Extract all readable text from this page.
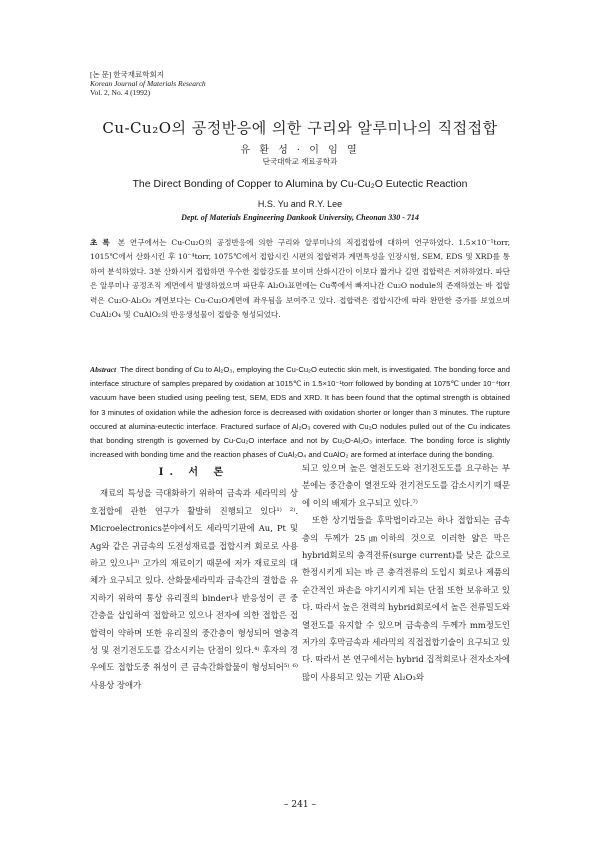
[논 문] 한국재료학회지
Korean Journal of Materials Research
Vol. 2, No. 4 (1992)
Cu-Cu₂O의 공정반응에 의한 구리와 알루미나의 직접접합
유 환 성 · 이 임 열
단국대학교 재료공학과
The Direct Bonding of Copper to Alumina by Cu-Cu₂O Eutectic Reaction
H.S. Yu and R.Y. Lee
Dept. of Materials Engineering Dankook University, Cheonan 330 - 714
초 록 본 연구에서는 Cu-Cu₂O의 공정반응에 의한 구리와 알루미나의 직접접합에 대하여 연구하였다. 1.5×10⁻¹torr, 1015℃에서 산화시킨 후 10⁻⁴torr, 1075℃에서 접합시킨 시편의 접합력과 계면특성을 인장시험, SEM, EDS 및 XRD를 통하여 분석하였다. 3분 산화시켜 접합하면 우수한 접합강도를 보이며 산화시간이 이보다 짧거나 길면 접합력은 저하하였다. 파단은 알루미나 공정조직 계면에서 발생하였으며 파단후 Al₂O₃표면에는 Cu쪽에서 빠져나간 Cu₂O nodule의 존재하였는 바 접합력은 Cu₂O-Al₂O₃ 계면보다는 Cu-Cu₂O계면에 좌우됨을 보여주고 있다. 접합력은 접합시간에 따라 완만한 증가를 보였으며 CuAl₂O₄ 및 CuAlO₂의 반응생성물이 접합층 형성되었다.
Abstract The direct bonding of Cu to Al₂O₃, employing the Cu-Cu₂O eutectic skin melt, is investigated. The bonding force and interface structure of samples prepared by oxidation at 1015℃ in 1.5×10⁻¹torr followed by bonding at 1075℃ under 10⁻⁴torr vacuum have been studied using peeling test, SEM, EDS and XRD. It has been found that the optimal strength is obtained for 3 minutes of oxidation while the adhesion force is decreased with oxidation shorter or longer than 3 minutes. The rupture occured at alumina-eutectic interface. Fractured surface of Al₂O₃ covered with Cu₂O nodules pulled out of the Cu indicates that bonding strength is governed by Cu-Cu₂O interface and not by Cu₂O-Al₂O₃ interface. The bonding force is slightly increased with bonding time and the reaction phases of CuAl₂O₄ and CuAlO₂ are formed at interface during the bonding.
Ⅰ. 서 론

재료의 특성을 극대화하기 위하여 금속과 세라믹의 상호접합에 관한 연구가 활발히 진행되고 있다¹⁾ ²⁾. Microelectronics분야에서도 세라믹기판에 Au, Pt 및 Ag와 같은 귀금속의 도전성재료를 접합시켜 회로로 사용하고 있으나³⁾ 고가의 재료이기 때문에 저가 재료로의 대체가 요구되고 있다. 산화물세라믹과 금속간의 결합을 유지하기 위하여 통상 유리질의 binder나 반응성이 큰 중간층을 삽입하여 접합하고 있으나 전자에 의한 접합은 접합력이 약하며 또한 유리질의 중간층이 형성되어 열충격성 및 전기전도도를 감소시키는 단점이 있다.⁴⁾ 후자의 경우에도 접합도중 취성이 큰 금속간화합물이 형성되어⁵⁾ ⁶⁾ 사용상 장애가

되고 있으며 높은 열전도도와 전기전도도를 요구하는 부분에는 중간층이 열전도와 전기전도도를 감소시키기 때문에 이의 배제가 요구되고 있다.⁷⁾

또한 상기법들을 후막법이라고는 하나 접합되는 금속층의 두께가 25㎛이하의 것으로 이러한 얇은 막은 hybrid회로의 충격전류(surge current)를 낮은 값으로 한정시키게 되는 바 큰 충격전류의 도입시 회로나 제품의 순간적인 파손을 야기시키게 되는 단점 또한 보유하고 있다. 따라서 높은 전력의 hybrid회로에서 높은 전류밀도와 열전도를 유지할 수 있으며 금속층의 두께가 mm정도인 저가의 후막금속과 세라믹의 직접접합기술이 요구되고 있다. 따라서 본 연구에서는 hybrid 집적회로나 전자소자에 많이 사용되고 있는 기판 Al₂O₃와

– 241 –
